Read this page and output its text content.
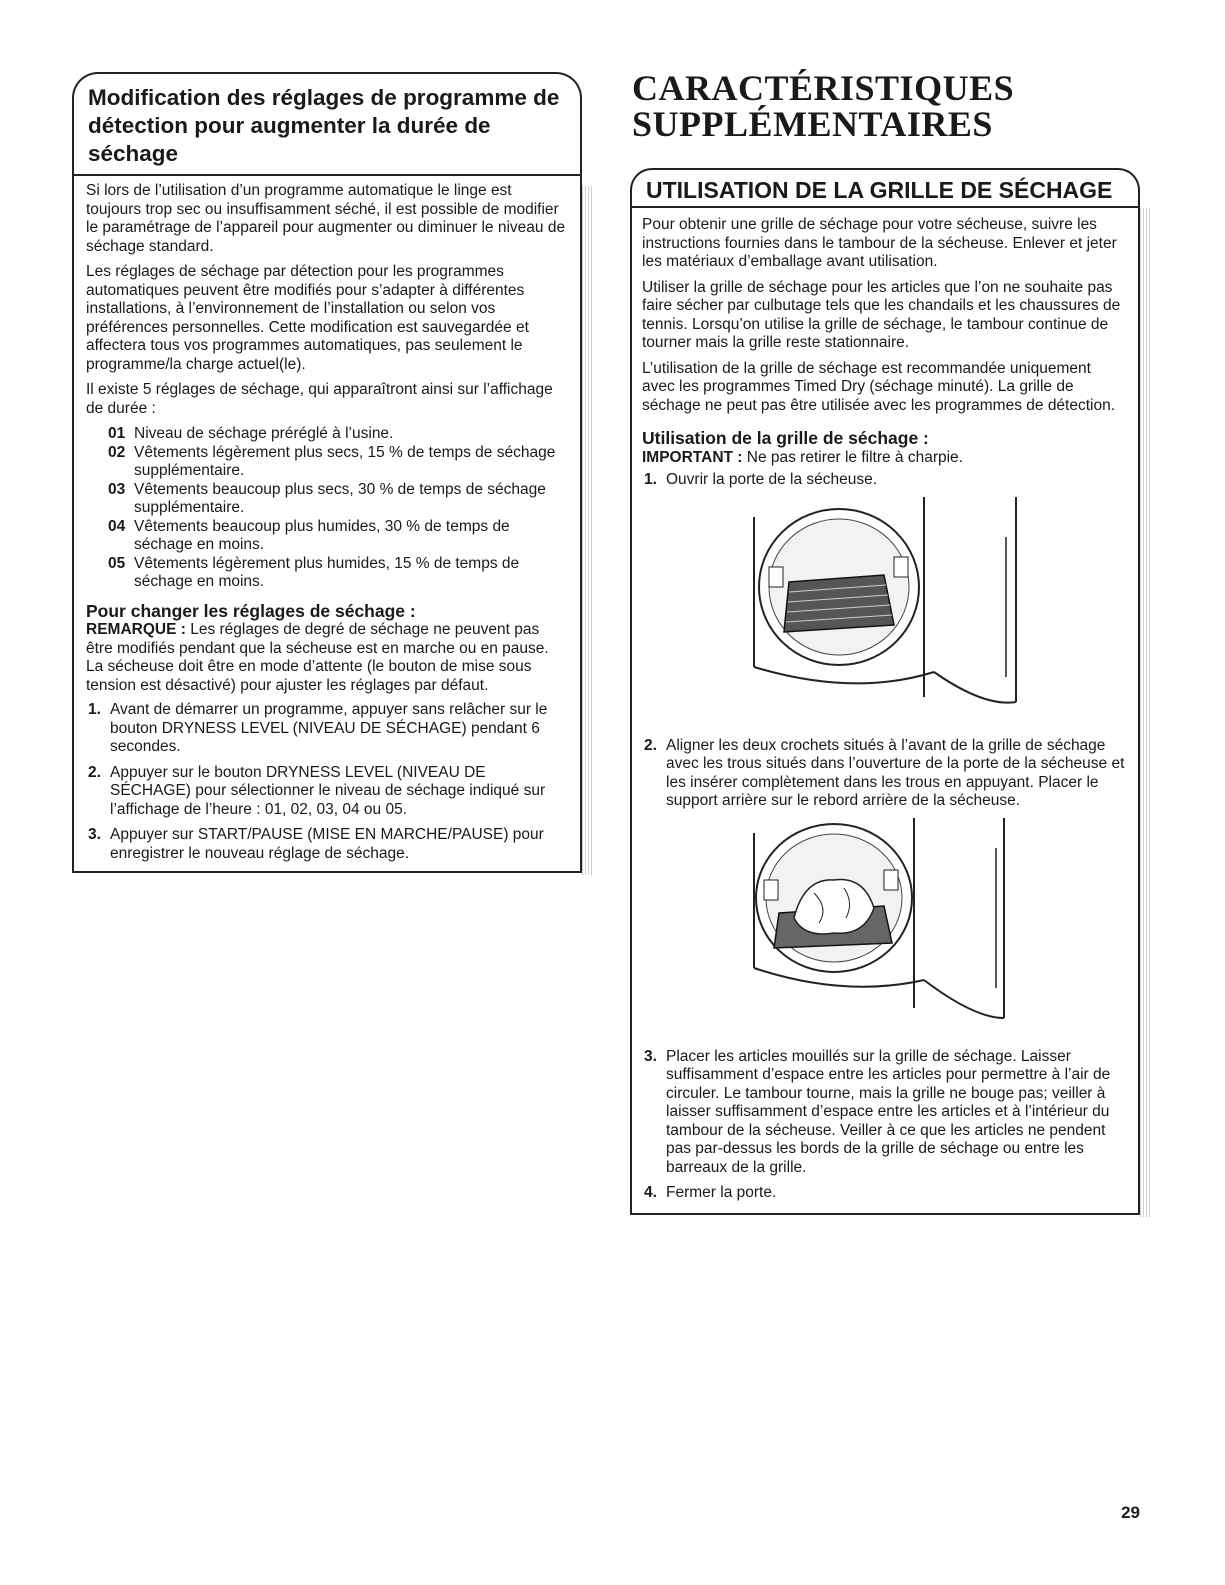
Modification des réglages de programme de détection pour augmenter la durée de séchage

Si lors de l’utilisation d’un programme automatique le linge est toujours trop sec ou insuffisamment séché, il est possible de modifier le paramétrage de l’appareil pour augmenter ou diminuer le niveau de séchage standard.

Les réglages de séchage par détection pour les programmes automatiques peuvent être modifiés pour s’adapter à différentes installations, à l’environnement de l’installation ou selon vos préférences personnelles. Cette modification est sauvegardée et affectera tous vos programmes automatiques, pas seulement le programme/la charge actuel(le).

Il existe 5 réglages de séchage, qui apparaîtront ainsi sur l’affichage de durée :

01 Niveau de séchage préréglé à l’usine.
02 Vêtements légèrement plus secs, 15 % de temps de séchage supplémentaire.
03 Vêtements beaucoup plus secs, 30 % de temps de séchage supplémentaire.
04 Vêtements beaucoup plus humides, 30 % de temps de séchage en moins.
05 Vêtements légèrement plus humides, 15 % de temps de séchage en moins.
Pour changer les réglages de séchage :

REMARQUE : Les réglages de degré de séchage ne peuvent pas être modifiés pendant que la sécheuse est en marche ou en pause. La sécheuse doit être en mode d’attente (le bouton de mise sous tension est désactivé) pour ajuster les réglages par défaut.

1. Avant de démarrer un programme, appuyer sans relâcher sur le bouton DRYNESS LEVEL (NIVEAU DE SÉCHAGE) pendant 6 secondes.
2. Appuyer sur le bouton DRYNESS LEVEL (NIVEAU DE SÉCHAGE) pour sélectionner le niveau de séchage indiqué sur l’affichage de l’heure : 01, 02, 03, 04 ou 05.
3. Appuyer sur START/PAUSE (MISE EN MARCHE/PAUSE) pour enregistrer le nouveau réglage de séchage.
CARACTÉRISTIQUES
SUPPLÉMENTAIRES
UTILISATION DE LA GRILLE DE SÉCHAGE

Pour obtenir une grille de séchage pour votre sécheuse, suivre les instructions fournies dans le tambour de la sécheuse. Enlever et jeter les matériaux d’emballage avant utilisation.

Utiliser la grille de séchage pour les articles que l’on ne souhaite pas faire sécher par culbutage tels que les chandails et les chaussures de tennis. Lorsqu’on utilise la grille de séchage, le tambour continue de tourner mais la grille reste stationnaire.

L’utilisation de la grille de séchage est recommandée uniquement avec les programmes Timed Dry (séchage minuté). La grille de séchage ne peut pas être utilisée avec les programmes de détection.

Utilisation de la grille de séchage :

IMPORTANT : Ne pas retirer le filtre à charpie.

1. Ouvrir la porte de la sécheuse.
2. Aligner les deux crochets situés à l’avant de la grille de séchage avec les trous situés dans l’ouverture de la porte de la sécheuse et les insérer complètement dans les trous en appuyant. Placer le support arrière sur le rebord arrière de la sécheuse.
3. Placer les articles mouillés sur la grille de séchage. Laisser suffisamment d’espace entre les articles pour permettre à l’air de circuler. Le tambour tourne, mais la grille ne bouge pas; veiller à laisser suffisamment d’espace entre les articles et à l’intérieur du tambour de la sécheuse. Veiller à ce que les articles ne pendent pas par-dessus les bords de la grille de séchage ou entre les barreaux de la grille.
4. Fermer la porte.
29
